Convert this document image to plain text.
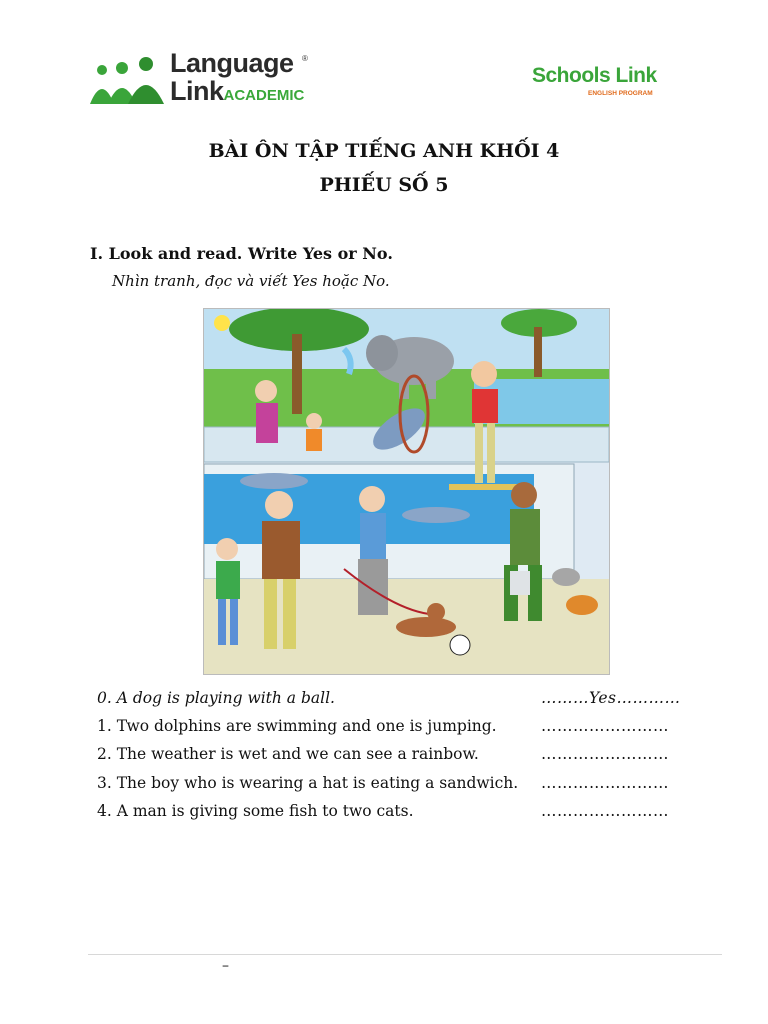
Language
LinkACADEMIC
®
Schools Link
ENGLISH PROGRAM
BÀI ÔN TẬP TIẾNG ANH KHỐI 4
PHIẾU SỐ 5
I. Look and read. Write Yes or No.
Nhìn tranh, đọc và viết Yes hoặc No.
0. A dog is playing with a ball.	………Yes…………
1. Two dolphins are swimming and one is jumping.	……………………
2. The weather is wet and we can see a rainbow.	……………………
3. The boy who is wearing a hat is eating a sandwich. ……………………
4. A man is giving some fish to two cats.	……………………
–
